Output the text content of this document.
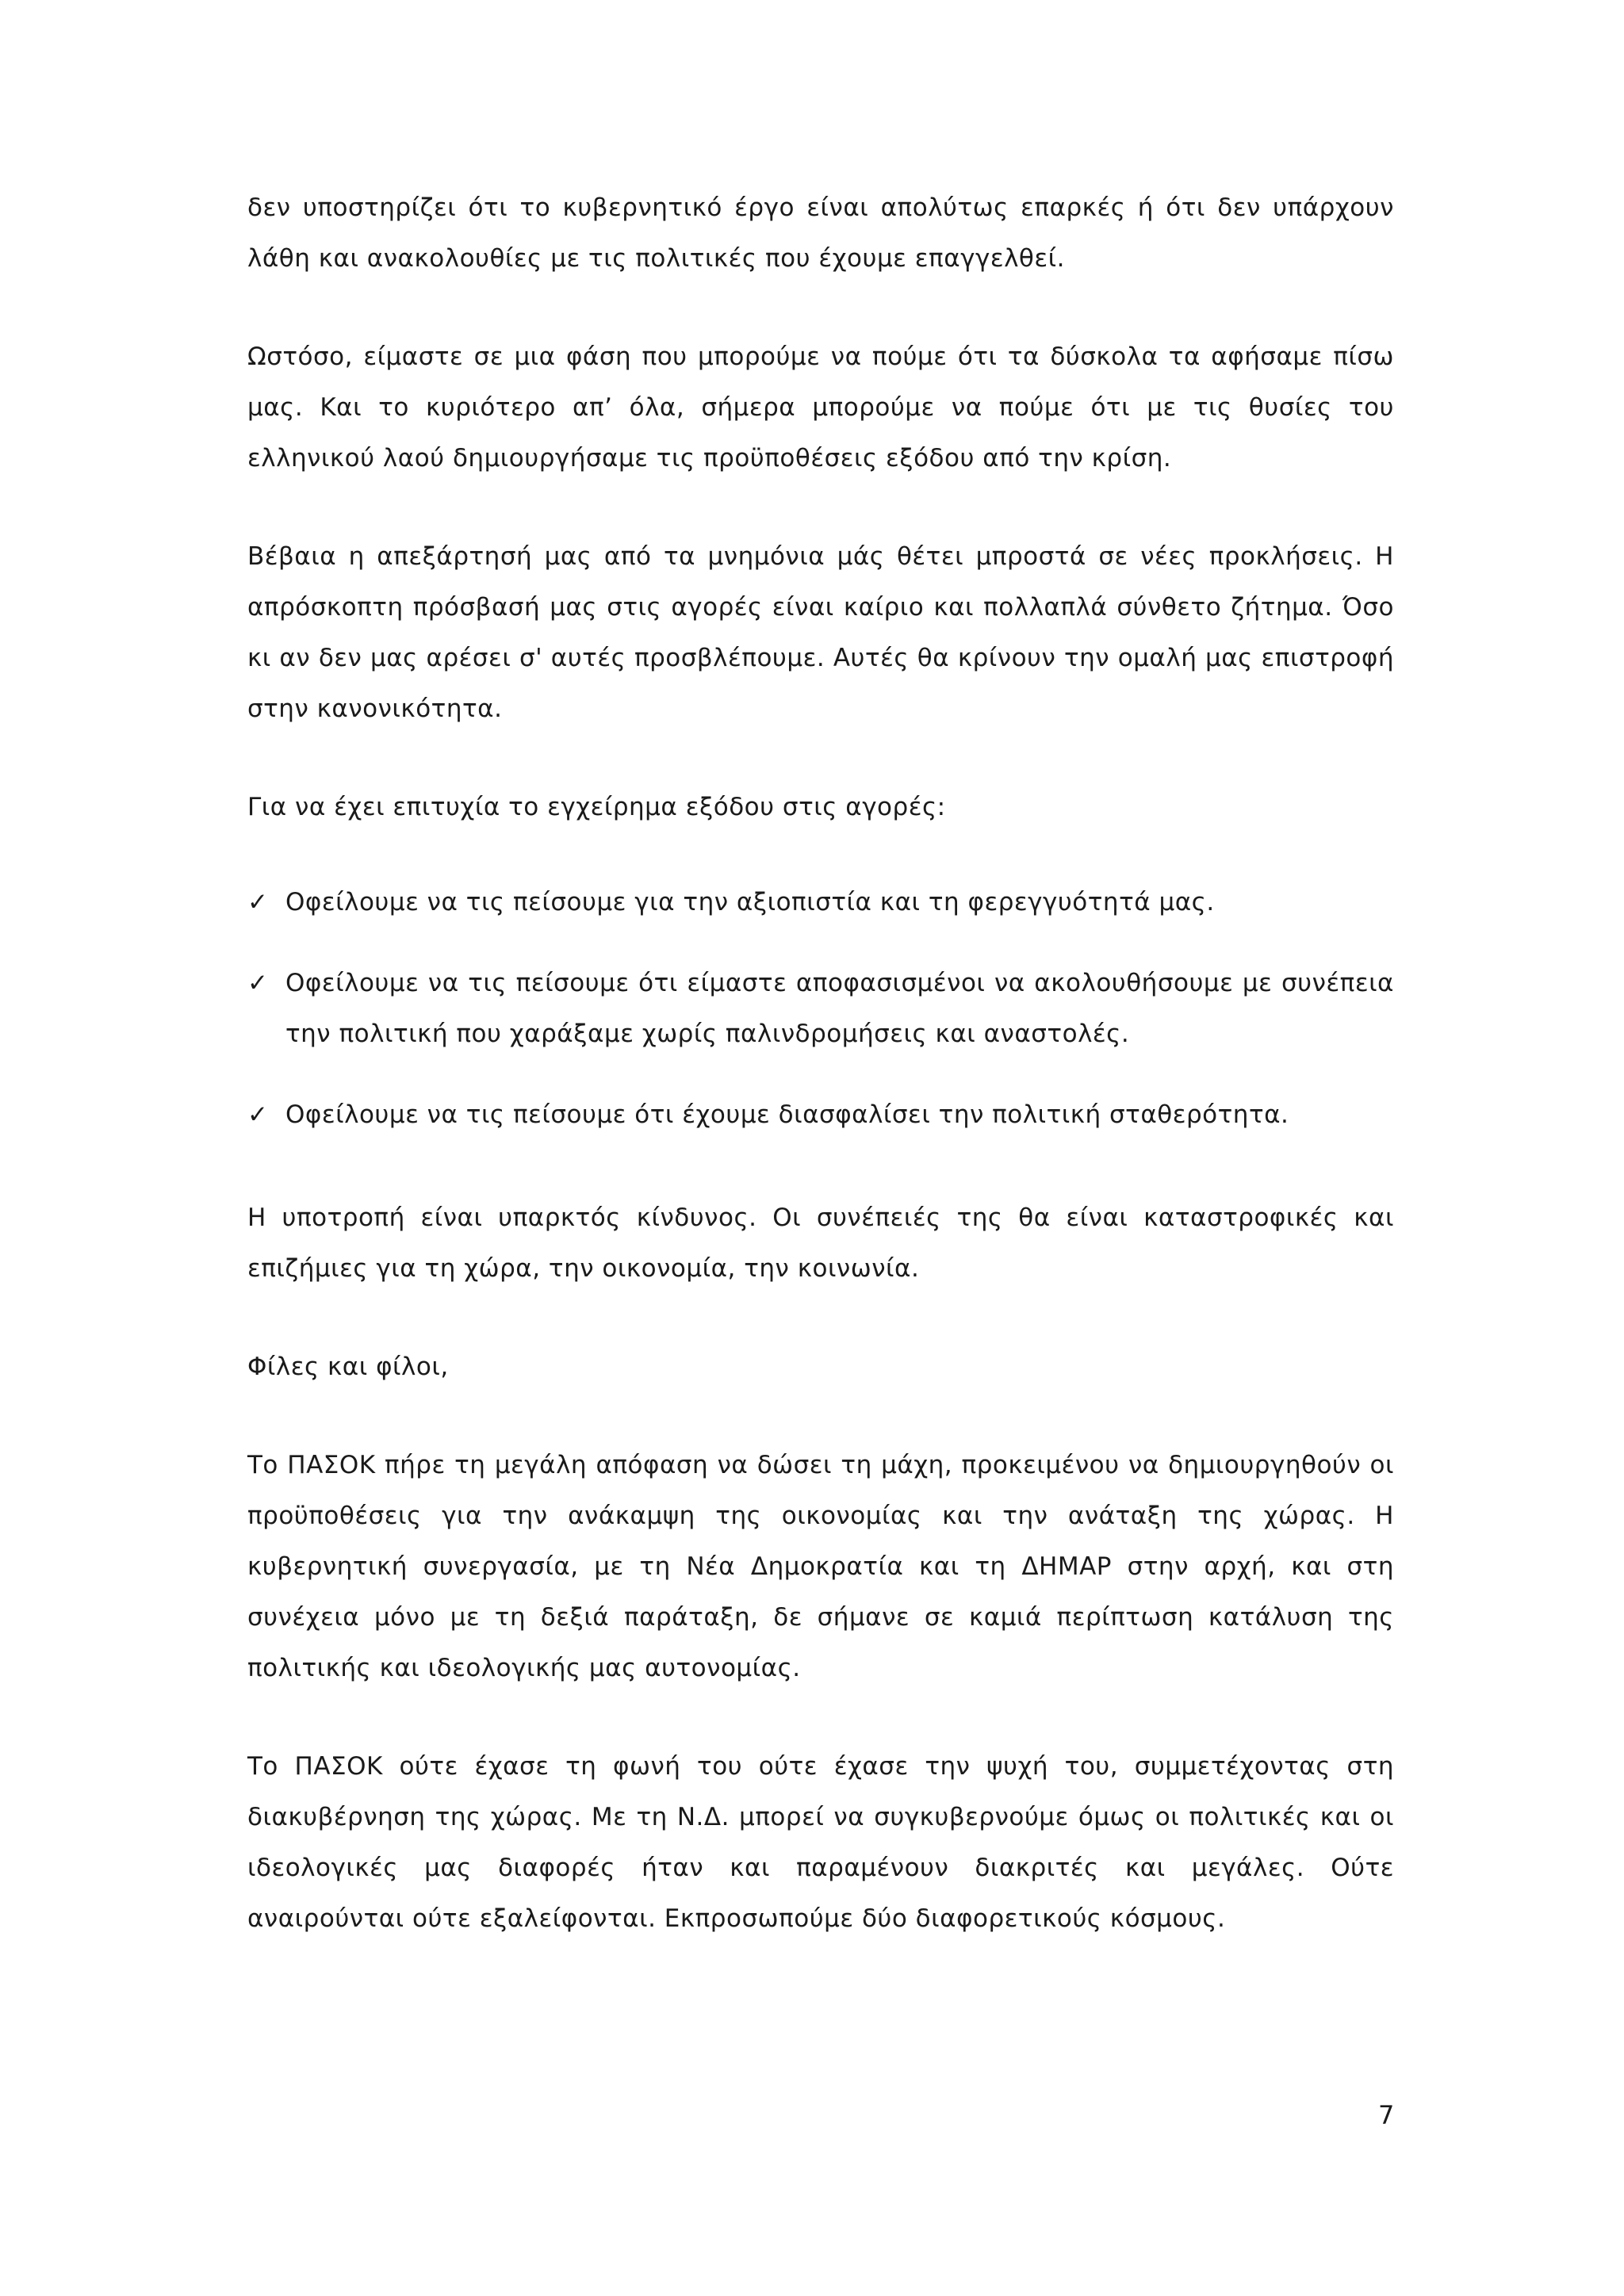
δεν υποστηρίζει ότι το κυβερνητικό έργο είναι απολύτως επαρκές ή ότι δεν υπάρχουν λάθη και ανακολουθίες με τις πολιτικές που έχουμε επαγγελθεί.

Ωστόσο, είμαστε σε μια φάση που μπορούμε να πούμε ότι τα δύσκολα τα αφήσαμε πίσω μας. Και το κυριότερο απ’ όλα, σήμερα μπορούμε να πούμε ότι με τις θυσίες του ελληνικού λαού δημιουργήσαμε τις προϋποθέσεις εξόδου από την κρίση.

Βέβαια η απεξάρτησή μας από τα μνημόνια μάς θέτει μπροστά σε νέες προκλήσεις. Η απρόσκοπτη πρόσβασή μας στις αγορές είναι καίριο και πολλαπλά σύνθετο ζήτημα. Όσο κι αν δεν μας αρέσει σ' αυτές προσβλέπουμε. Αυτές θα κρίνουν την ομαλή μας επιστροφή στην κανονικότητα.

Για να έχει επιτυχία το εγχείρημα εξόδου στις αγορές:

✓ Οφείλουμε να τις πείσουμε για την αξιοπιστία και τη φερεγγυότητά μας.
✓ Οφείλουμε να τις πείσουμε ότι είμαστε αποφασισμένοι να ακολουθήσουμε με συνέπεια την πολιτική που χαράξαμε χωρίς παλινδρομήσεις και αναστολές.
✓ Οφείλουμε να τις πείσουμε ότι έχουμε διασφαλίσει την πολιτική σταθερότητα.

Η υποτροπή είναι υπαρκτός κίνδυνος. Οι συνέπειές της θα είναι καταστροφικές και επιζήμιες για τη χώρα, την οικονομία, την κοινωνία.

Φίλες και φίλοι,

Το ΠΑΣΟΚ πήρε τη μεγάλη απόφαση να δώσει τη μάχη, προκειμένου να δημιουργηθούν οι προϋποθέσεις για την ανάκαμψη της οικονομίας και την ανάταξη της χώρας. Η κυβερνητική συνεργασία, με τη Νέα Δημοκρατία και τη ΔΗΜΑΡ στην αρχή, και στη συνέχεια μόνο με τη δεξιά παράταξη, δε σήμανε σε καμιά περίπτωση κατάλυση της πολιτικής και ιδεολογικής μας αυτονομίας.

Το ΠΑΣΟΚ ούτε έχασε τη φωνή του ούτε έχασε την ψυχή του, συμμετέχοντας στη διακυβέρνηση της χώρας. Με τη Ν.Δ. μπορεί να συγκυβερνούμε όμως οι πολιτικές και οι ιδεολογικές μας διαφορές ήταν και παραμένουν διακριτές και μεγάλες. Ούτε αναιρούνται ούτε εξαλείφονται. Εκπροσωπούμε δύο διαφορετικούς κόσμους.

7
